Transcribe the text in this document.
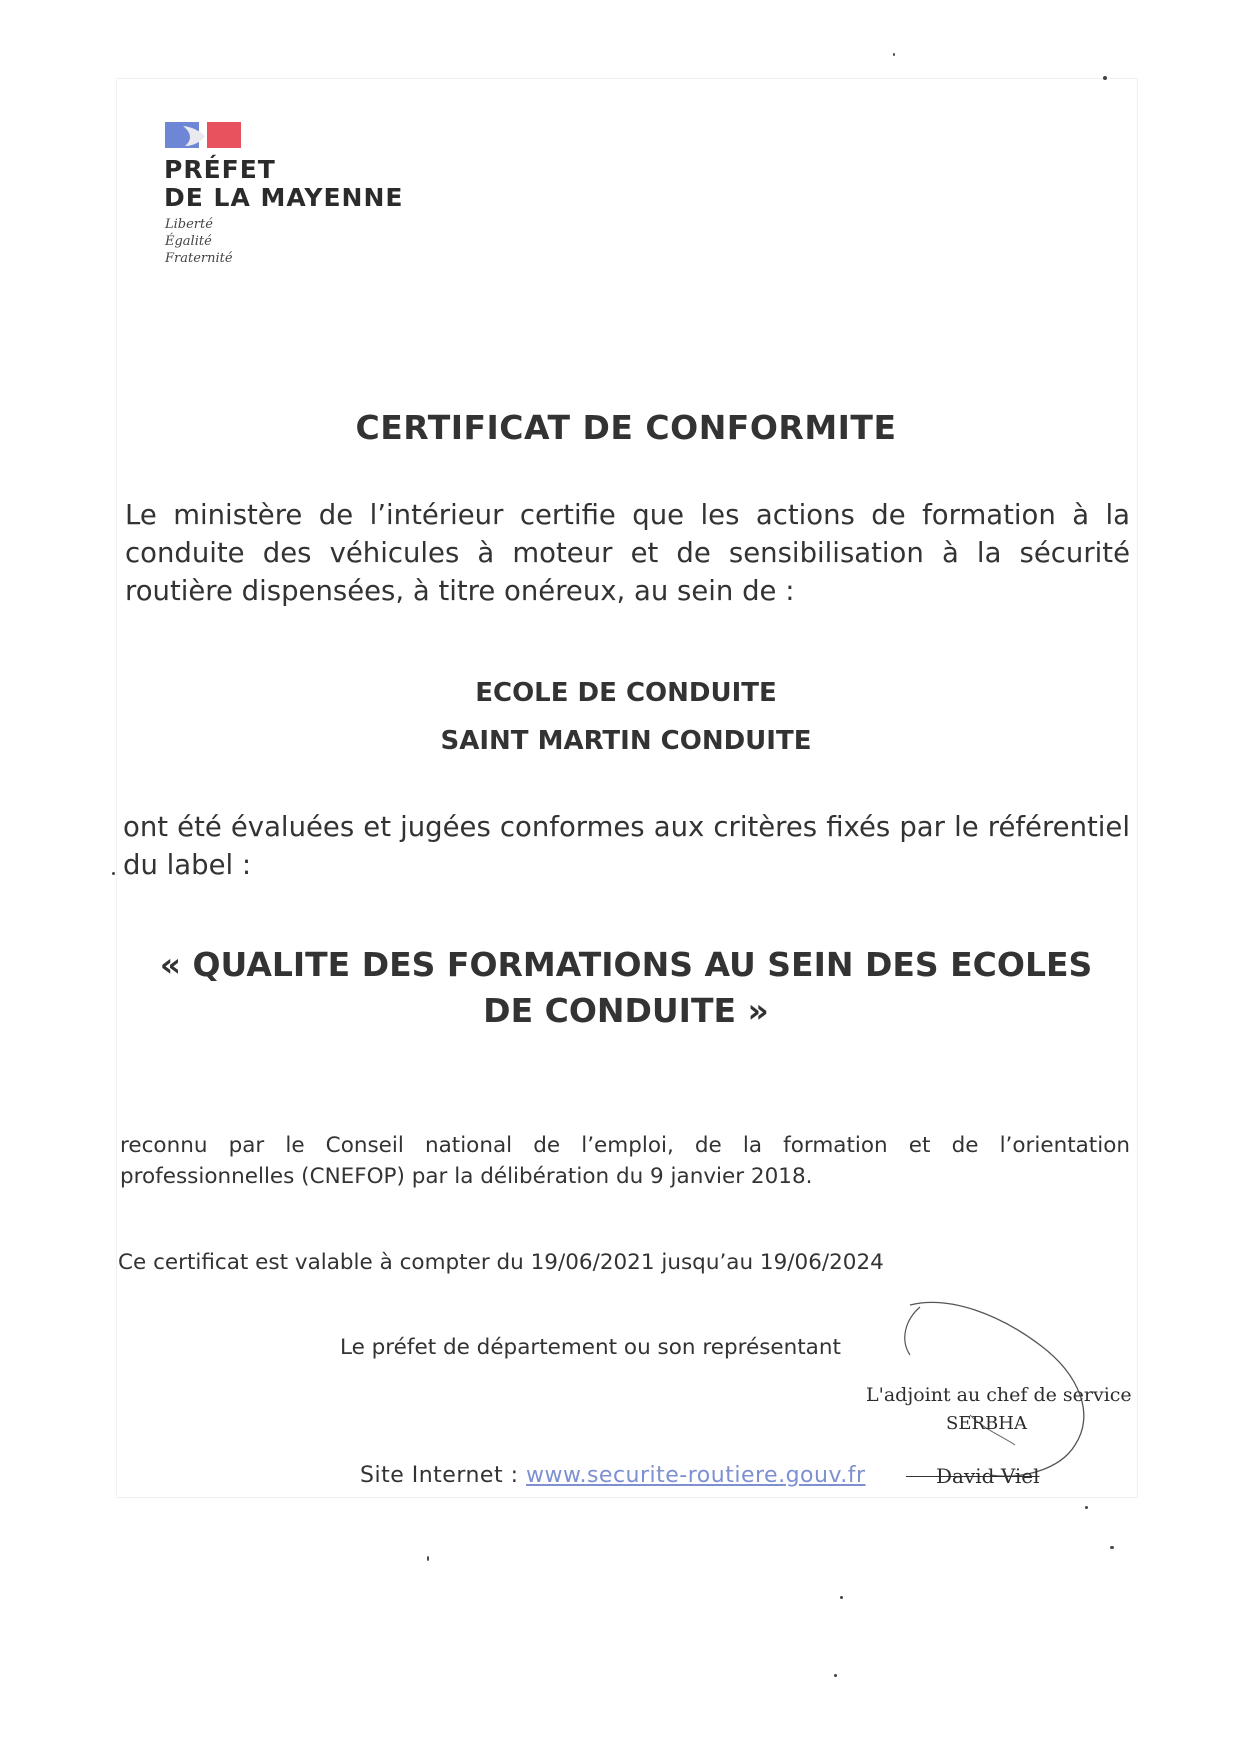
PRÉFET
DE LA MAYENNE
Liberté
Égalité
Fraternité
CERTIFICAT DE CONFORMITE
Le ministère de l’intérieur certifie que les actions de formation à la conduite des véhicules à moteur et de sensibilisation à la sécurité routière dispensées, à titre onéreux, au sein de :
ECOLE DE CONDUITE
SAINT MARTIN CONDUITE
ont été évaluées et jugées conformes aux critères fixés par le référentiel du label :
« QUALITE DES FORMATIONS AU SEIN DES ECOLES
DE CONDUITE »
reconnu par le Conseil national de l’emploi, de la formation et de l’orientation professionnelles (CNEFOP) par la délibération du 9 janvier 2018.
Ce certificat est valable à compter du 19/06/2021 jusqu’au 19/06/2024
Le préfet de département ou son représentant
L'adjoint au chef de service
SERBHA
David Viel
Site Internet : www.securite-routiere.gouv.fr
